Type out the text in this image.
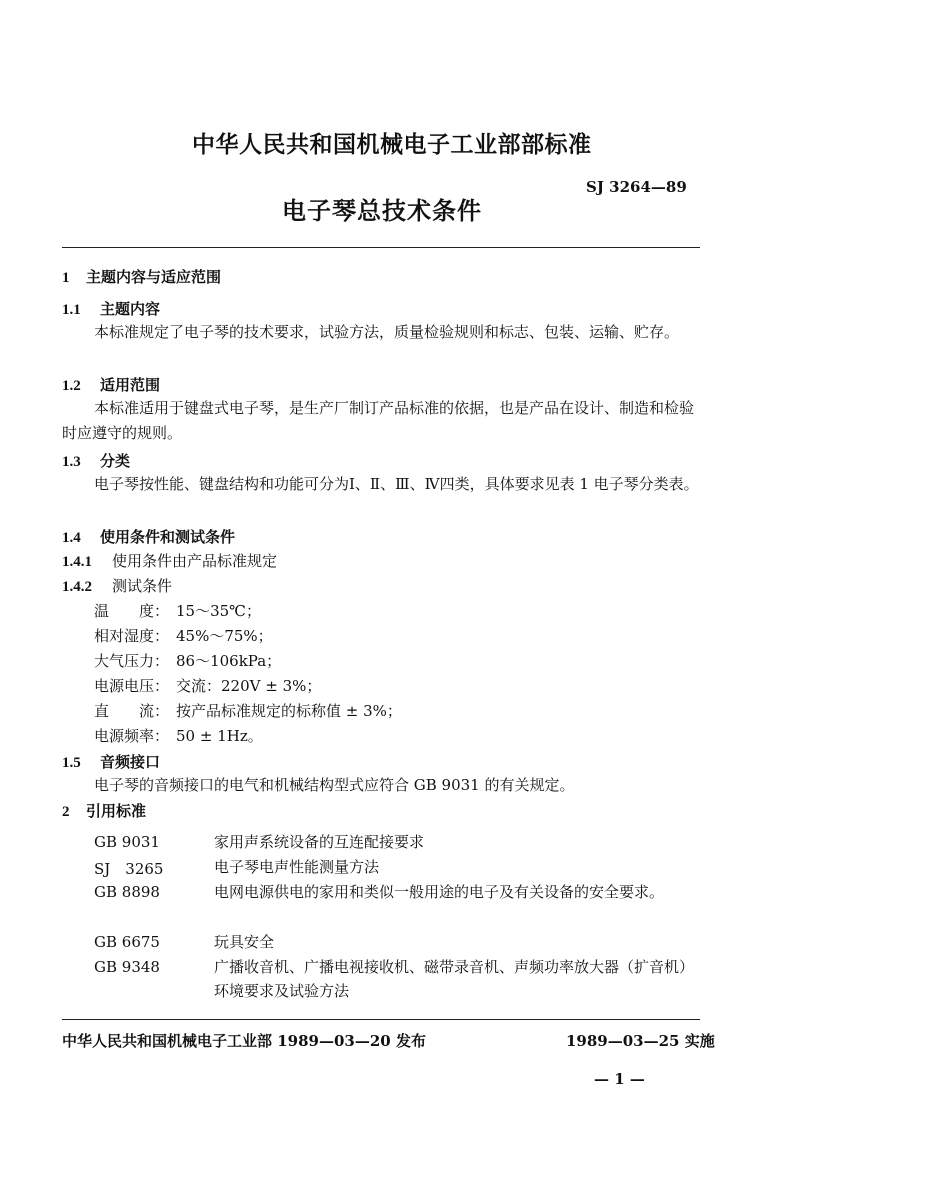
中华人民共和国机械电子工业部部标准
SJ 3264—89
电子琴总技术条件
1 主题内容与适应范围
1.1 主题内容
本标准规定了电子琴的技术要求，试验方法，质量检验规则和标志、包装、运输、贮存。
1.2 适用范围
本标准适用于键盘式电子琴，是生产厂制订产品标准的依据，也是产品在设计、制造和检验时应遵守的规则。
1.3 分类
电子琴按性能、键盘结构和功能可分为Ⅰ、Ⅱ、Ⅲ、Ⅳ四类，具体要求见表 1 电子琴分类表。
1.4 使用条件和测试条件
1.4.1 使用条件由产品标准规定
1.4.2 测试条件
温　　度： 15～35℃；
相对湿度： 45%～75%；
大气压力： 86～106kPa；
电源电压： 交流：220V ± 3%；
直　　流： 按产品标准规定的标称值 ± 3%；
电源频率： 50 ± 1Hz。
1.5 音频接口
电子琴的音频接口的电气和机械结构型式应符合 GB 9031 的有关规定。
2 引用标准
GB 9031	家用声系统设备的互连配接要求
SJ　3265	电子琴电声性能测量方法
GB 8898	电网电源供电的家用和类似一般用途的电子及有关设备的安全要求。
GB 6675	玩具安全
GB 9348	广播收音机、广播电视接收机、磁带录音机、声频功率放大器（扩音机）环境要求及试验方法
中华人民共和国机械电子工业部 1989—03—20 发布	1989—03—25 实施
— 1 —
